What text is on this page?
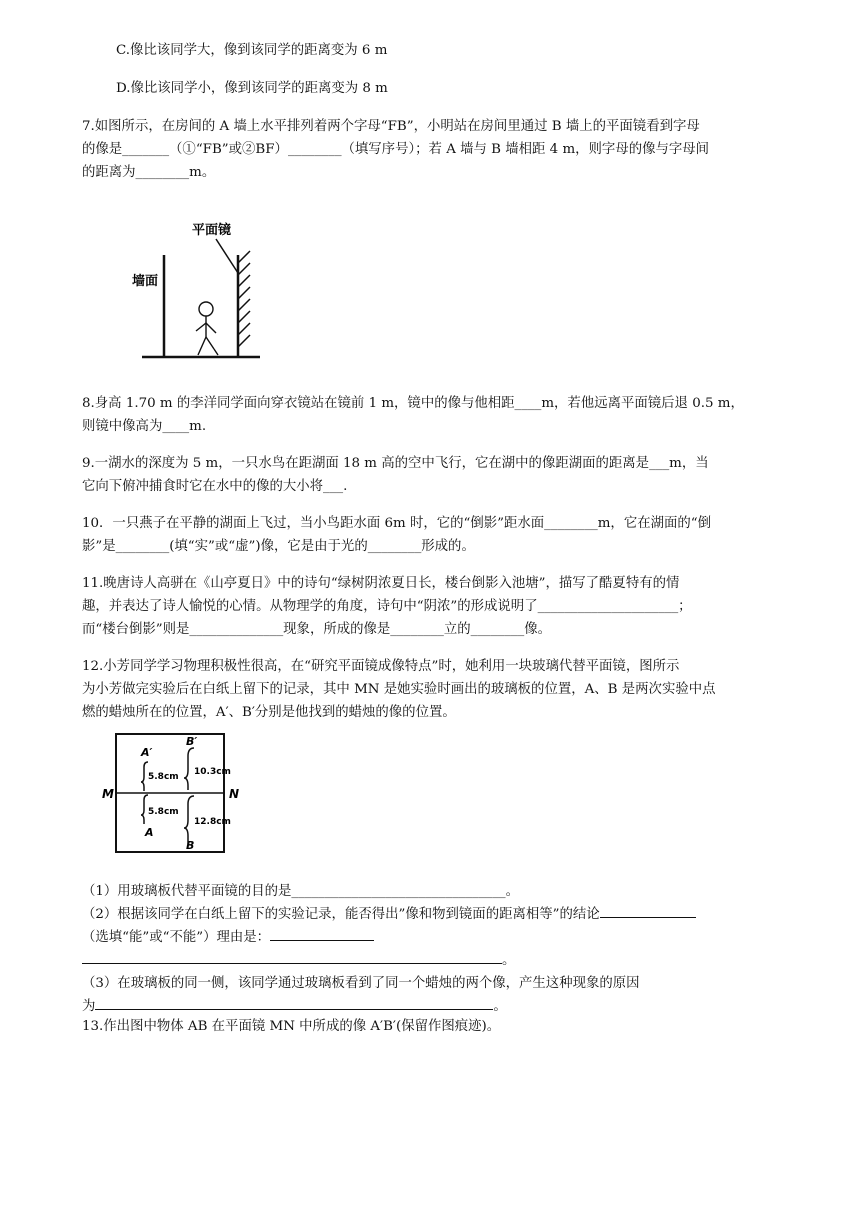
C.像比该同学大，像到该同学的距离变为 6 m
D.像比该同学小，像到该同学的距离变为 8 m
7.如图所示，在房间的 A 墙上水平排列着两个字母“FB”，小明站在房间里通过 B 墙上的平面镜看到字母
的像是_______（①“FB”或②BF）________（填写序号）；若 A 墙与 B 墙相距 4 m，则字母的像与字母间
的距离为________m。
平面镜
墙面
8.身高 1.70 m 的李洋同学面向穿衣镜站在镜前 1 m，镜中的像与他相距____m，若他远离平面镜后退 0.5 m，
则镜中像高为____m.
9.一湖水的深度为 5 m，一只水鸟在距湖面 18 m 高的空中飞行，它在湖中的像距湖面的距离是___m，当
它向下俯冲捕食时它在水中的像的大小将___.
10．一只燕子在平静的湖面上飞过，当小鸟距水面 6m 时，它的“倒影”距水面________m，它在湖面的“倒
影”是________(填“实”或“虚”)像，它是由于光的________形成的。
11.晚唐诗人高骈在《山亭夏日》中的诗句“绿树阴浓夏日长，楼台倒影入池塘”，描写了酷夏特有的情
趣，并表达了诗人愉悦的心情。从物理学的角度，诗句中“阴浓”的形成说明了_____________________；
而“楼台倒影”则是______________现象，所成的像是________立的________像。
12.小芳同学学习物理积极性很高，在“研究平面镜成像特点”时，她利用一块玻璃代替平面镜，图所示
为小芳做完实验后在白纸上留下的记录，其中 MN 是她实验时画出的玻璃板的位置，A、B 是两次实验中点
燃的蜡烛所在的位置，A′、B′分别是他找到的蜡烛的像的位置。
M	N
A′
A
B′
B
5.8cm
5.8cm
10.3cm
12.8cm
（1）用玻璃板代替平面镜的目的是________________________________。
（2）根据该同学在白纸上留下的实验记录，能否得出”像和物到镜面的距离相等”的结论
（选填“能”或“不能”）理由是：
。
（3）在玻璃板的同一侧，该同学通过玻璃板看到了同一个蜡烛的两个像，产生这种现象的原因
为	。
13.作出图中物体 AB 在平面镜 MN 中所成的像 A′B′(保留作图痕迹)。
